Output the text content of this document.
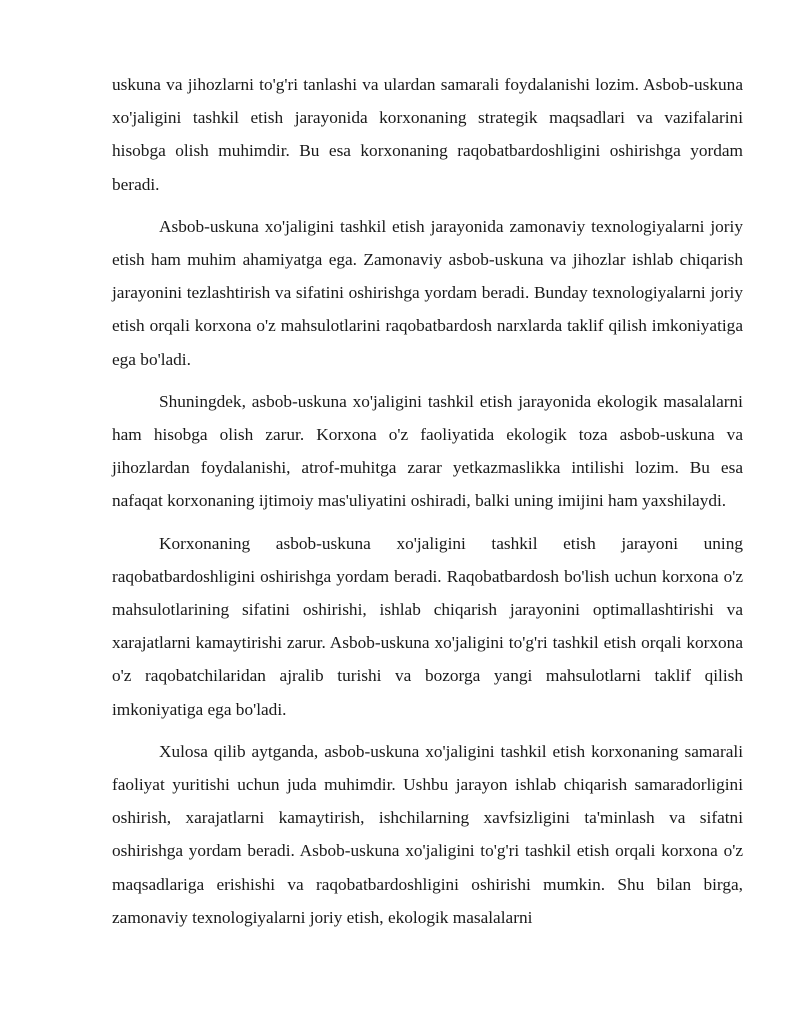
uskuna va jihozlarni to'g'ri tanlashi va ulardan samarali foydalanishi lozim. Asbob-uskuna xo'jaligini tashkil etish jarayonida korxonaning strategik maqsadlari va vazifalarini hisobga olish muhimdir. Bu esa korxonaning raqobatbardoshligini oshirishga yordam beradi.

Asbob-uskuna xo'jaligini tashkil etish jarayonida zamonaviy texnologiyalarni joriy etish ham muhim ahamiyatga ega. Zamonaviy asbob-uskuna va jihozlar ishlab chiqarish jarayonini tezlashtirish va sifatini oshirishga yordam beradi. Bunday texnologiyalarni joriy etish orqali korxona o'z mahsulotlarini raqobatbardosh narxlarda taklif qilish imkoniyatiga ega bo'ladi.

Shuningdek, asbob-uskuna xo'jaligini tashkil etish jarayonida ekologik masalalarni ham hisobga olish zarur. Korxona o'z faoliyatida ekologik toza asbob-uskuna va jihozlardan foydalanishi, atrof-muhitga zarar yetkazmaslikka intilishi lozim. Bu esa nafaqat korxonaning ijtimoiy mas'uliyatini oshiradi, balki uning imijini ham yaxshilaydi.

Korxonaning asbob-uskuna xo'jaligini tashkil etish jarayoni uning raqobatbardoshligini oshirishga yordam beradi. Raqobatbardosh bo'lish uchun korxona o'z mahsulotlarining sifatini oshirishi, ishlab chiqarish jarayonini optimallashtirishi va xarajatlarni kamaytirishi zarur. Asbob-uskuna xo'jaligini to'g'ri tashkil etish orqali korxona o'z raqobatchilaridan ajralib turishi va bozorga yangi mahsulotlarni taklif qilish imkoniyatiga ega bo'ladi.

Xulosa qilib aytganda, asbob-uskuna xo'jaligini tashkil etish korxonaning samarali faoliyat yuritishi uchun juda muhimdir. Ushbu jarayon ishlab chiqarish samaradorligini oshirish, xarajatlarni kamaytirish, ishchilarning xavfsizligini ta'minlash va sifatni oshirishga yordam beradi. Asbob-uskuna xo'jaligini to'g'ri tashkil etish orqali korxona o'z maqsadlariga erishishi va raqobatbardoshligini oshirishi mumkin. Shu bilan birga, zamonaviy texnologiyalarni joriy etish, ekologik masalalarni
